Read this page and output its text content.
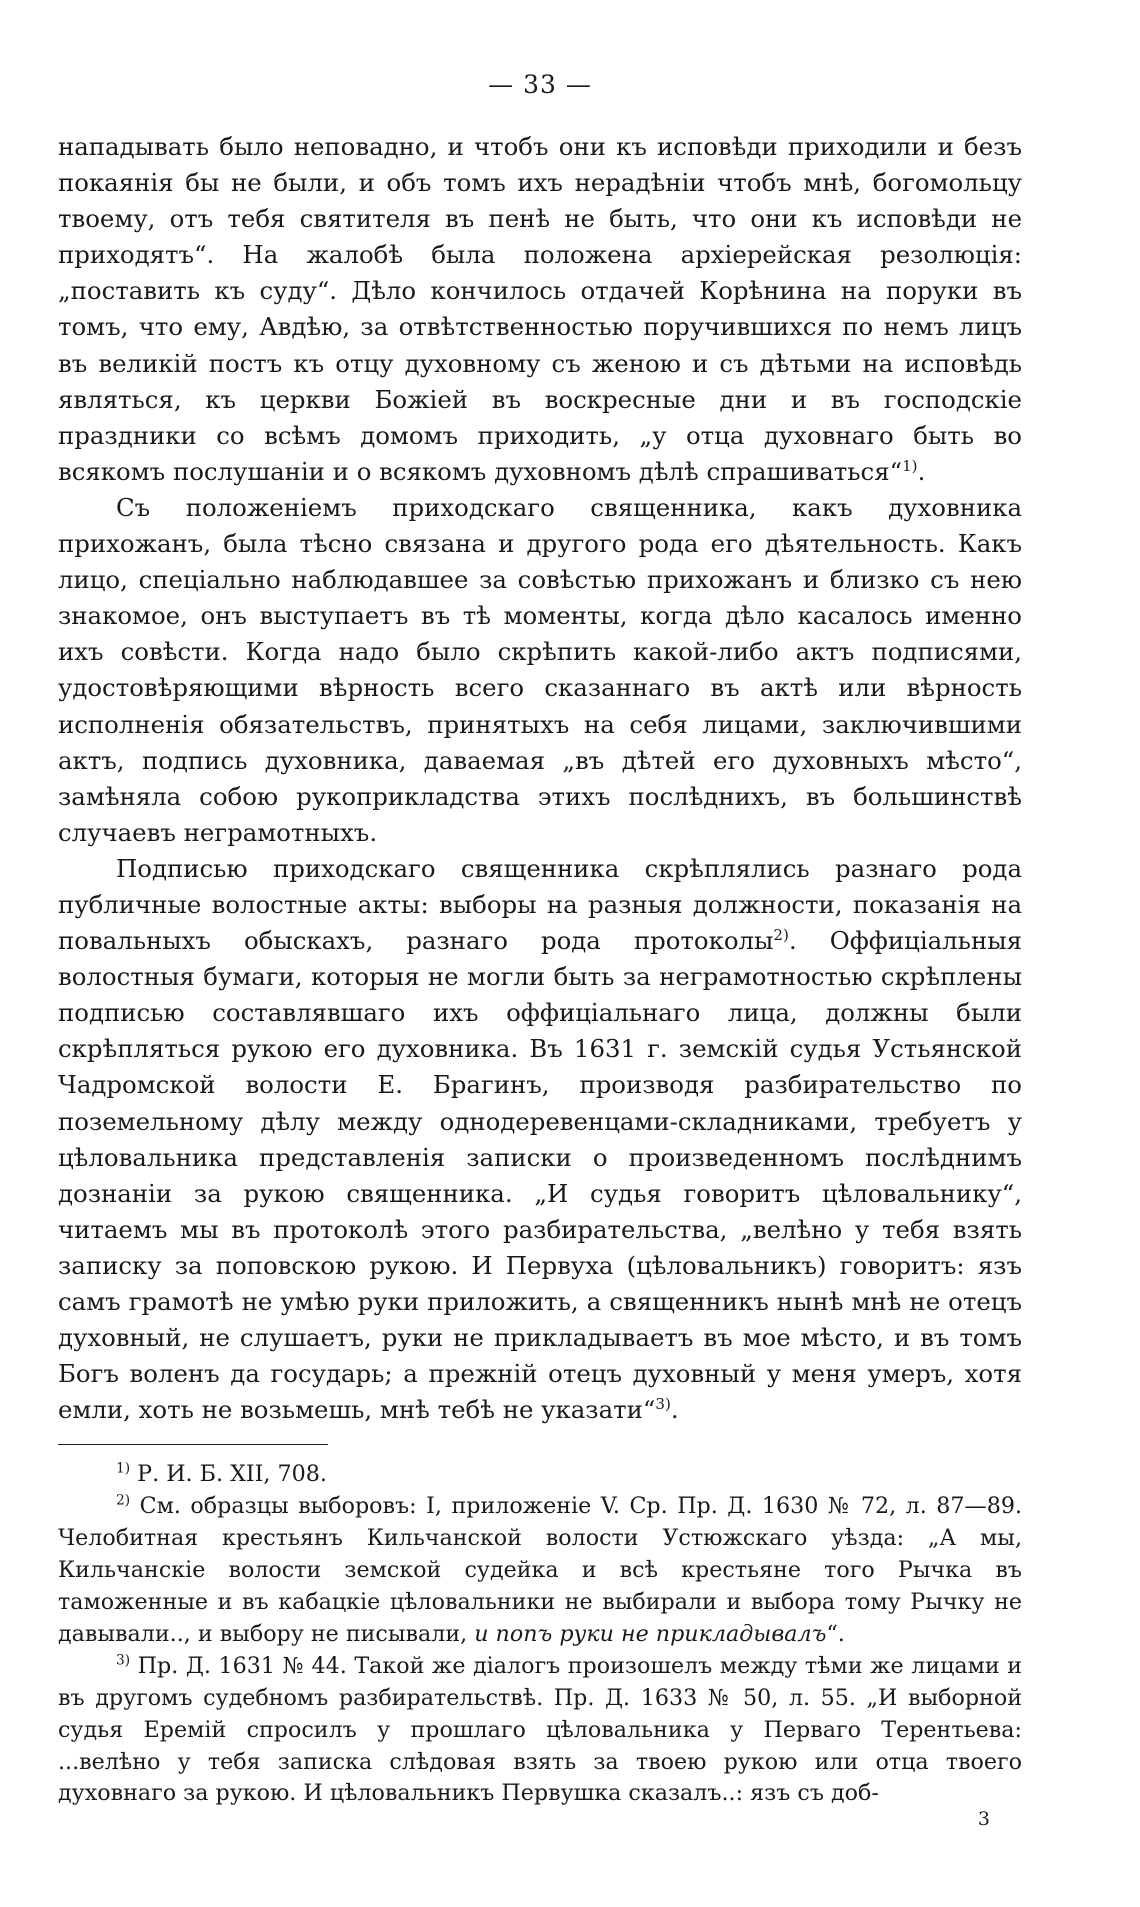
— 33 —

нападывать было неповадно, и чтобъ они къ исповѣди приходили и безъ покаянія бы не были, и объ томъ ихъ нерадѣніи чтобъ мнѣ, богомольцу твоему, отъ тебя святителя въ пенѣ не быть, что они къ исповѣди не приходятъ“. На жалобѣ была положена архіерейская резолюція: „поставить къ суду“. Дѣло кончилось отдачей Корѣнина на поруки въ томъ, что ему, Авдѣю, за отвѣтственностью поручившихся по немъ лицъ въ великій постъ къ отцу духовному съ женою и съ дѣтьми на исповѣдь являться, къ церкви Божіей въ воскресные дни и въ господскіе праздники со всѣмъ домомъ приходить, „у отца духовнаго быть во всякомъ послушаніи и о всякомъ духовномъ дѣлѣ спрашиваться“$^{1)}$.

Съ положеніемъ приходскаго священника, какъ духовника прихожанъ, была тѣсно связана и другого рода его дѣятельность. Какъ лицо, спеціально наблюдавшее за совѣстью прихожанъ и близко съ нею знакомое, онъ выступаетъ въ тѣ моменты, когда дѣло касалось именно ихъ совѣсти. Когда надо было скрѣпить какой-либо актъ подписями, удостовѣряющими вѣрность всего сказаннаго въ актѣ или вѣрность исполненія обязательствъ, принятыхъ на себя лицами, заключившими актъ, подпись духовника, даваемая „въ дѣтей его духовныхъ мѣсто“, замѣняла собою рукоприкладства этихъ послѣднихъ, въ большинствѣ случаевъ неграмотныхъ.

Подписью приходскаго священника скрѣплялись разнаго рода публичные волостные акты: выборы на разныя должности, показанія на повальныхъ обыскахъ, разнаго рода протоколы$^{2)}$. Оффиціальныя волостныя бумаги, которыя не могли быть за неграмотностью скрѣплены подписью составлявшаго ихъ оффиціальнаго лица, должны были скрѣпляться рукою его духовника. Въ 1631 г. земскій судья Устьянской Чадромской волости Е. Брагинъ, производя разбирательство по поземельному дѣлу между однодеревенцами-складниками, требуетъ у цѣловальника представленія записки о произведенномъ послѣднимъ дознаніи за рукою священника. „И судья говоритъ цѣловальнику“, читаемъ мы въ протоколѣ этого разбирательства, „велѣно у тебя взять записку за поповскою рукою. И Первуха (цѣловальникъ) говоритъ: язъ самъ грамотѣ не умѣю руки приложить, а священникъ нынѣ мнѣ не отецъ духовный, не слушаетъ, руки не прикладываетъ въ мое мѣсто, и въ томъ Богъ воленъ да государь; а прежній отецъ духовный у меня умеръ, хотя емли, хоть не возьмешь, мнѣ тебѣ не указати“$^{3)}$.

$^{1)}$ Р. И. Б. XII, 708.

$^{2)}$ См. образцы выборовъ: I, приложеніе V. Ср. Пр. Д. 1630 № 72, л. 87—89. Челобитная крестьянъ Кильчанской волости Устюжскаго уѣзда: „А мы, Кильчанскіе волости земской судейка и всѣ крестьяне того Рычка въ таможенные и въ кабацкіе цѣловальники не выбирали и выбора тому Рычку не давывали.., и выбору не писывали, и попъ руки не прикладывалъ“.

$^{3)}$ Пр. Д. 1631 № 44. Такой же діалогъ произошелъ между тѣми же лицами и въ другомъ судебномъ разбирательствѣ. Пр. Д. 1633 № 50, л. 55. „И выборной судья Еремій спросилъ у прошлаго цѣловальника у Перваго Терентьева: ...велѣно у тебя записка слѣдовая взять за твоею рукою или отца твоего духовнаго за рукою. И цѣловальникъ Первушка сказалъ..: язъ съ доб-

3
